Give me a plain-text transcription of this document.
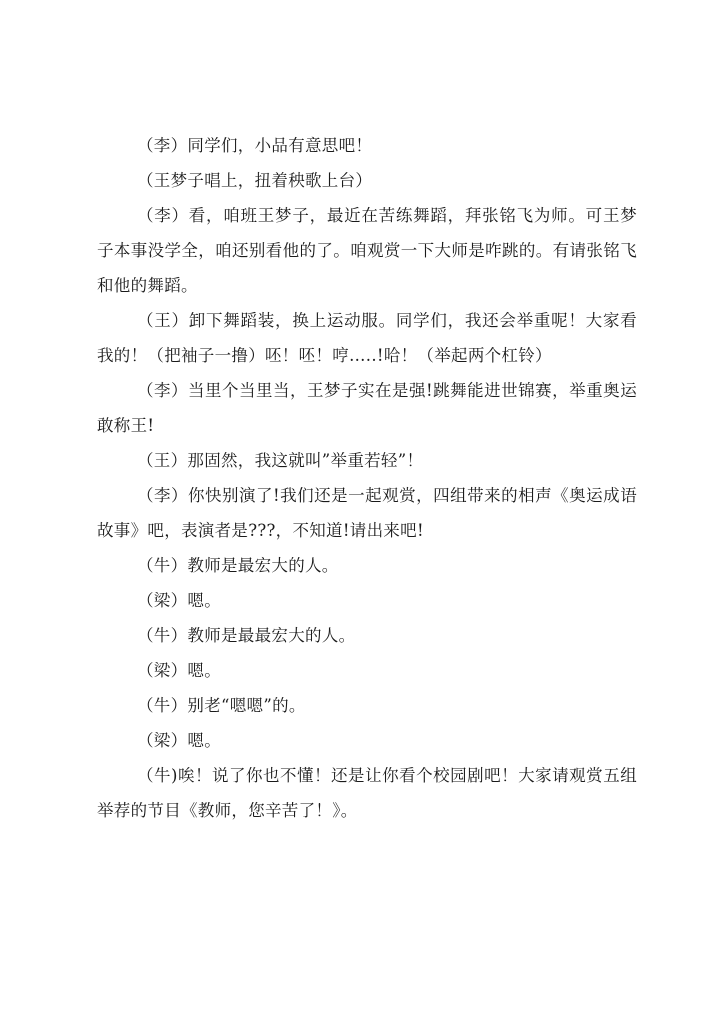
（李）同学们，小品有意思吧！

（王梦子唱上，扭着秧歌上台）

（李）看，咱班王梦子，最近在苦练舞蹈，拜张铭飞为师。可王梦子本事没学全，咱还别看他的了。咱观赏一下大师是咋跳的。有请张铭飞和他的舞蹈。

（王）卸下舞蹈装，换上运动服。同学们，我还会举重呢！大家看我的！（把袖子一撸）呸！呸！哼…..!哈！（举起两个杠铃）

（李）当里个当里当，王梦子实在是强!跳舞能进世锦赛，举重奥运敢称王!

（王）那固然，我这就叫”举重若轻”！

（李）你快别演了!我们还是一起观赏，四组带来的相声《奥运成语故事》吧，表演者是???，不知道!请出来吧!

（牛）教师是最宏大的人。

（梁）嗯。

（牛）教师是最最宏大的人。

（梁）嗯。

（牛）别老“嗯嗯”的。

（梁）嗯。

（牛)唉！说了你也不懂！还是让你看个校园剧吧！大家请观赏五组举荐的节目《教师，您辛苦了！》。
